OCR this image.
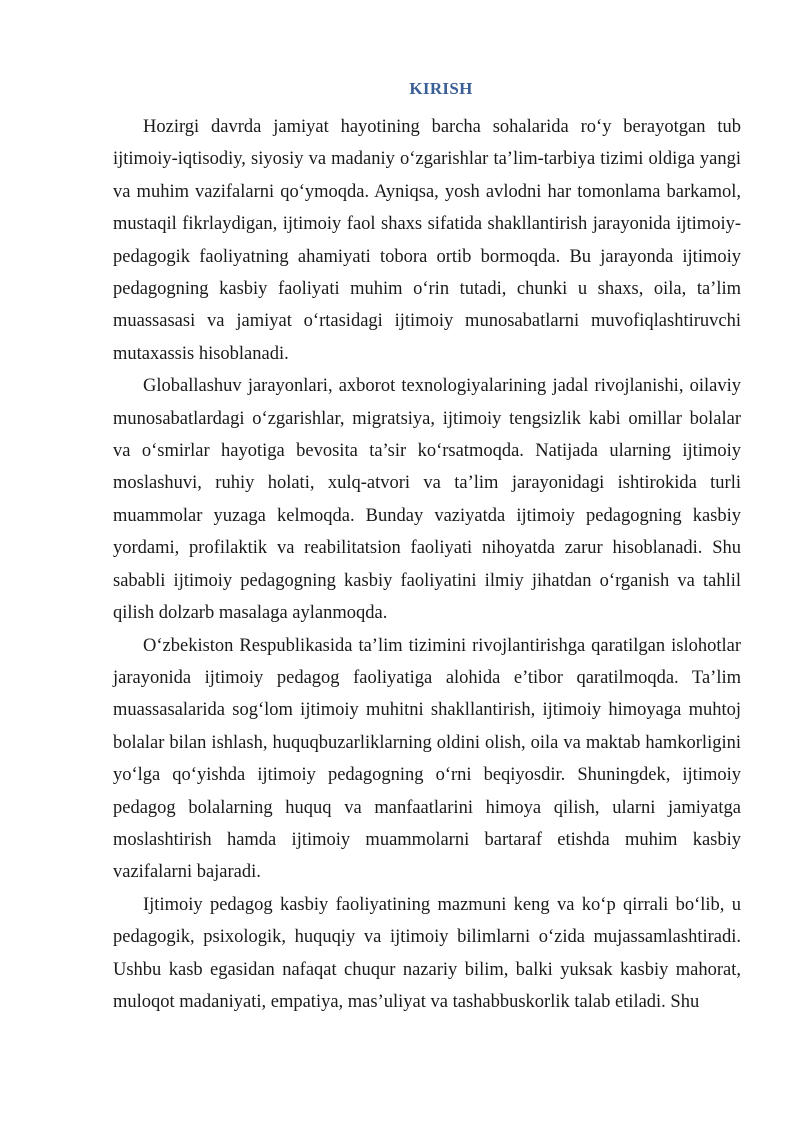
KIRISH

Hozirgi davrda jamiyat hayotining barcha sohalarida ro‘y berayotgan tub ijtimoiy-iqtisodiy, siyosiy va madaniy o‘zgarishlar ta’lim-tarbiya tizimi oldiga yangi va muhim vazifalarni qo‘ymoqda. Ayniqsa, yosh avlodni har tomonlama barkamol, mustaqil fikrlaydigan, ijtimoiy faol shaxs sifatida shakllantirish jarayonida ijtimoiy-pedagogik faoliyatning ahamiyati tobora ortib bormoqda. Bu jarayonda ijtimoiy pedagogning kasbiy faoliyati muhim o‘rin tutadi, chunki u shaxs, oila, ta’lim muassasasi va jamiyat o‘rtasidagi ijtimoiy munosabatlarni muvofiqlashtiruvchi mutaxassis hisoblanadi.

Globallashuv jarayonlari, axborot texnologiyalarining jadal rivojlanishi, oilaviy munosabatlardagi o‘zgarishlar, migratsiya, ijtimoiy tengsizlik kabi omillar bolalar va o‘smirlar hayotiga bevosita ta’sir ko‘rsatmoqda. Natijada ularning ijtimoiy moslashuvi, ruhiy holati, xulq-atvori va ta’lim jarayonidagi ishtirokida turli muammolar yuzaga kelmoqda. Bunday vaziyatda ijtimoiy pedagogning kasbiy yordami, profilaktik va reabilitatsion faoliyati nihoyatda zarur hisoblanadi. Shu sababli ijtimoiy pedagogning kasbiy faoliyatini ilmiy jihatdan o‘rganish va tahlil qilish dolzarb masalaga aylanmoqda.

O‘zbekiston Respublikasida ta’lim tizimini rivojlantirishga qaratilgan islohotlar jarayonida ijtimoiy pedagog faoliyatiga alohida e’tibor qaratilmoqda. Ta’lim muassasalarida sog‘lom ijtimoiy muhitni shakllantirish, ijtimoiy himoyaga muhtoj bolalar bilan ishlash, huquqbuzarliklarning oldini olish, oila va maktab hamkorligini yo‘lga qo‘yishda ijtimoiy pedagogning o‘rni beqiyosdir. Shuningdek, ijtimoiy pedagog bolalarning huquq va manfaatlarini himoya qilish, ularni jamiyatga moslashtirish hamda ijtimoiy muammolarni bartaraf etishda muhim kasbiy vazifalarni bajaradi.

Ijtimoiy pedagog kasbiy faoliyatining mazmuni keng va ko‘p qirrali bo‘lib, u pedagogik, psixologik, huquqiy va ijtimoiy bilimlarni o‘zida mujassamlashtiradi. Ushbu kasb egasidan nafaqat chuqur nazariy bilim, balki yuksak kasbiy mahorat, muloqot madaniyati, empatiya, mas’uliyat va tashabbuskorlik talab etiladi. Shu
